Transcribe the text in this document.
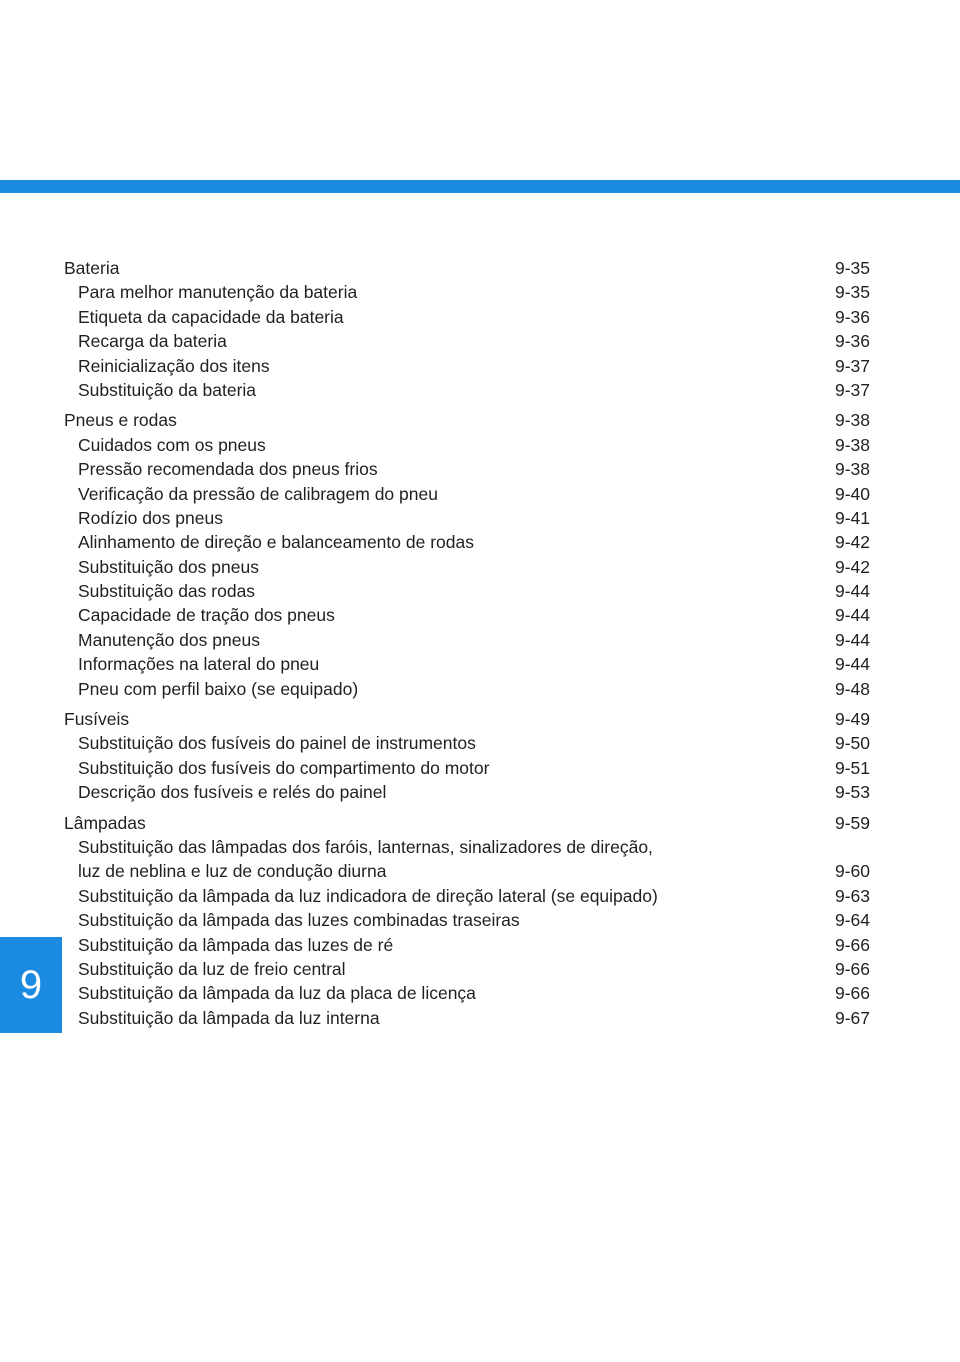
9
Bateria	9-35
Para melhor manutenção da bateria	9-35
Etiqueta da capacidade da bateria	9-36
Recarga da bateria	9-36
Reinicialização dos itens	9-37
Substituição da bateria	9-37
Pneus e rodas	9-38
Cuidados com os pneus	9-38
Pressão recomendada dos pneus frios	9-38
Verificação da pressão de calibragem do pneu	9-40
Rodízio dos pneus	9-41
Alinhamento de direção e balanceamento de rodas	9-42
Substituição dos pneus	9-42
Substituição das rodas	9-44
Capacidade de tração dos pneus	9-44
Manutenção dos pneus	9-44
Informações na lateral do pneu	9-44
Pneu com perfil baixo (se equipado)	9-48
Fusíveis	9-49
Substituição dos fusíveis do painel de instrumentos	9-50
Substituição dos fusíveis do compartimento do motor	9-51
Descrição dos fusíveis e relés do painel	9-53
Lâmpadas	9-59
Substituição das lâmpadas dos faróis, lanternas, sinalizadores de direção,
luz de neblina e luz de condução diurna	9-60
Substituição da lâmpada da luz indicadora de direção lateral (se equipado)	9-63
Substituição da lâmpada das luzes combinadas traseiras	9-64
Substituição da lâmpada das luzes de ré	9-66
Substituição da luz de freio central	9-66
Substituição da lâmpada da luz da placa de licença	9-66
Substituição da lâmpada da luz interna	9-67
